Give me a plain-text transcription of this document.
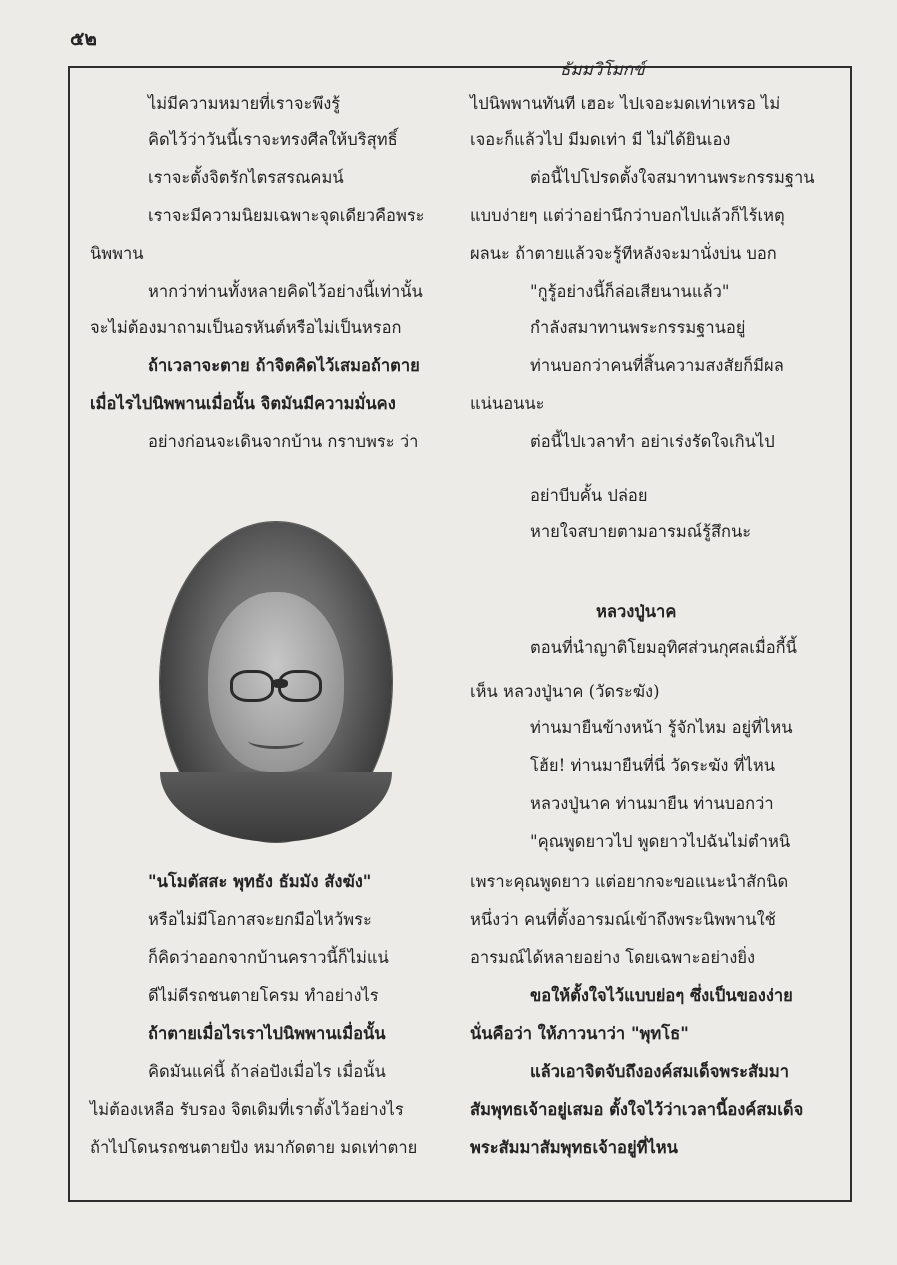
๕๒
ธัมมวิโมกข์
ไม่มีความหมายที่เราจะพึงรู้
คิดไว้ว่าวันนี้เราจะทรงศีลให้บริสุทธิ์
เราจะตั้งจิตรักไตรสรณคมน์
เราจะมีความนิยมเฉพาะจุดเดียวคือพระ
นิพพาน
หากว่าท่านทั้งหลายคิดไว้อย่างนี้เท่านั้น
จะไม่ต้องมาถามเป็นอรหันต์หรือไม่เป็นหรอก
ถ้าเวลาจะตาย ถ้าจิตคิดไว้เสมอถ้าตาย
เมื่อไรไปนิพพานเมื่อนั้น จิตมันมีความมั่นคง
อย่างก่อนจะเดินจากบ้าน กราบพระ ว่า
"นโมตัสสะ พุทธัง ธัมมัง สังฆัง"
หรือไม่มีโอกาสจะยกมือไหว้พระ
ก็คิดว่าออกจากบ้านคราวนี้ก็ไม่แน่
ดีไม่ดีรถชนตายโครม ทำอย่างไร
ถ้าตายเมื่อไรเราไปนิพพานเมื่อนั้น
คิดมันแค่นี้ ถ้าล่อปังเมื่อไร เมื่อนั้น
ไม่ต้องเหลือ รับรอง จิตเดิมที่เราตั้งไว้อย่างไร
ถ้าไปโดนรถชนตายปัง หมากัดตาย มดเท่าตาย
ไปนิพพานทันที เฮอะ ไปเจอะมดเท่าเหรอ ไม่
เจอะก็แล้วไป มีมดเท่า มี ไม่ได้ยินเอง
ต่อนี้ไปโปรดตั้งใจสมาทานพระกรรมฐาน
แบบง่ายๆ แต่ว่าอย่านึกว่าบอกไปแล้วก็ไร้เหตุ
ผลนะ ถ้าตายแล้วจะรู้ทีหลังจะมานั่งบ่น บอก
"กูรู้อย่างนี้ก็ล่อเสียนานแล้ว"
กำลังสมาทานพระกรรมฐานอยู่
ท่านบอกว่าคนที่สิ้นความสงสัยก็มีผล
แน่นอนนะ
ต่อนี้ไปเวลาทำ อย่าเร่งรัดใจเกินไป
อย่าบีบคั้น ปล่อย
หายใจสบายตามอารมณ์รู้สึกนะ
หลวงปู่นาค
ตอนที่นำญาติโยมอุทิศส่วนกุศลเมื่อกี้นี้
เห็น หลวงปู่นาค (วัดระฆัง)
ท่านมายืนข้างหน้า รู้จักไหม อยู่ที่ไหน
โฮ้ย! ท่านมายืนที่นี่ วัดระฆัง ที่ไหน
หลวงปู่นาค ท่านมายืน ท่านบอกว่า
"คุณพูดยาวไป พูดยาวไปฉันไม่ตำหนิ
เพราะคุณพูดยาว แต่อยากจะขอแนะนำสักนิด
หนึ่งว่า คนที่ตั้งอารมณ์เข้าถึงพระนิพพานใช้
อารมณ์ได้หลายอย่าง โดยเฉพาะอย่างยิ่ง
ขอให้ตั้งใจไว้แบบย่อๆ ซึ่งเป็นของง่าย
นั่นคือว่า ให้ภาวนาว่า "พุทโธ"
แล้วเอาจิตจับถึงองค์สมเด็จพระสัมมา
สัมพุทธเจ้าอยู่เสมอ ตั้งใจไว้ว่าเวลานี้องค์สมเด็จ
พระสัมมาสัมพุทธเจ้าอยู่ที่ไหน
